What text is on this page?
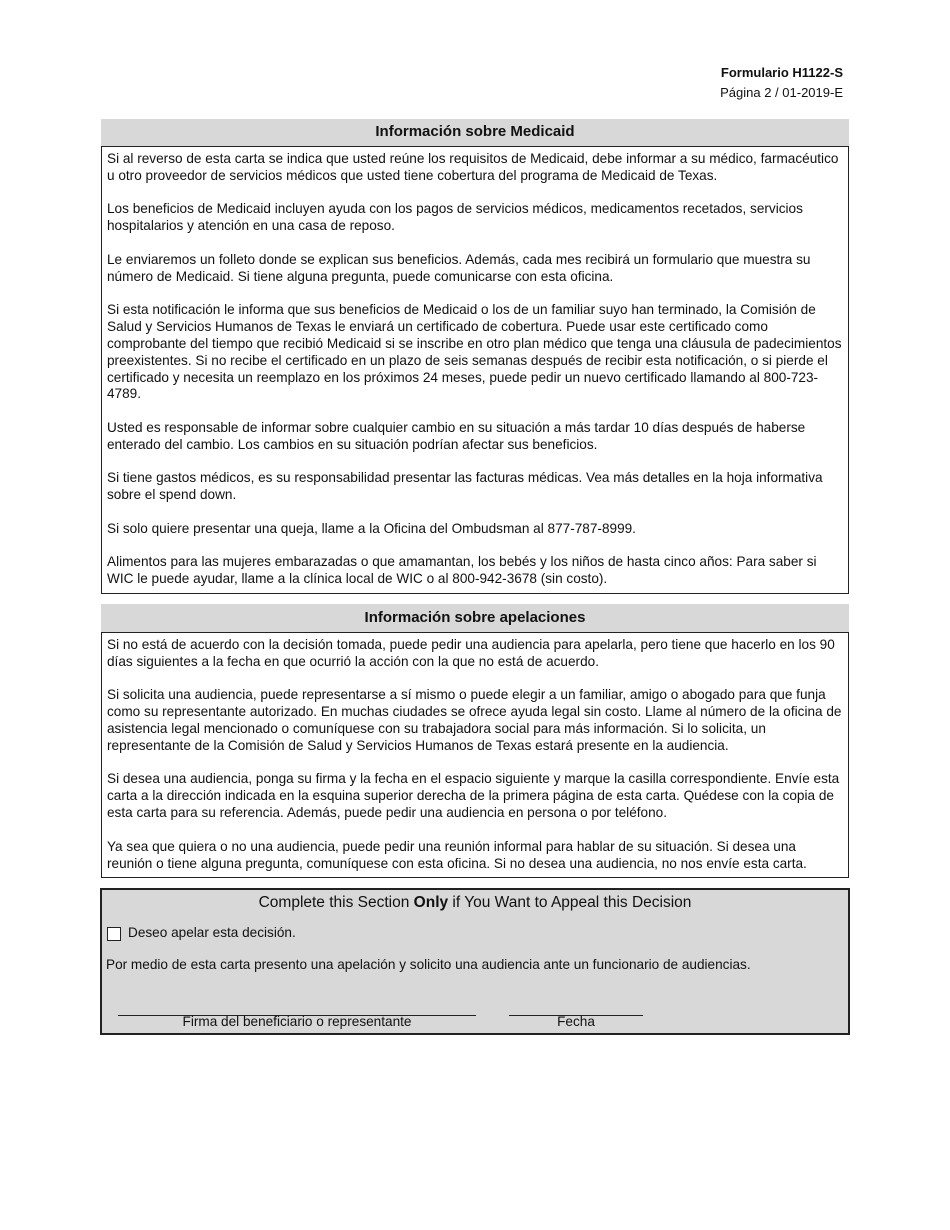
Formulario H1122-S
Página 2 / 01-2019-E
Información sobre Medicaid

Si al reverso de esta carta se indica que usted reúne los requisitos de Medicaid, debe informar a su médico, farmacéutico u otro proveedor de servicios médicos que usted tiene cobertura del programa de Medicaid de Texas.

Los beneficios de Medicaid incluyen ayuda con los pagos de servicios médicos, medicamentos recetados, servicios hospitalarios y atención en una casa de reposo.

Le enviaremos un folleto donde se explican sus beneficios. Además, cada mes recibirá un formulario que muestra su número de Medicaid. Si tiene alguna pregunta, puede comunicarse con esta oficina.

Si esta notificación le informa que sus beneficios de Medicaid o los de un familiar suyo han terminado, la Comisión de Salud y Servicios Humanos de Texas le enviará un certificado de cobertura. Puede usar este certificado como comprobante del tiempo que recibió Medicaid si se inscribe en otro plan médico que tenga una cláusula de padecimientos preexistentes. Si no recibe el certificado en un plazo de seis semanas después de recibir esta notificación, o si pierde el certificado y necesita un reemplazo en los próximos 24 meses, puede pedir un nuevo certificado llamando al 800-723-4789.

Usted es responsable de informar sobre cualquier cambio en su situación a más tardar 10 días después de haberse enterado del cambio. Los cambios en su situación podrían afectar sus beneficios.

Si tiene gastos médicos, es su responsabilidad presentar las facturas médicas. Vea más detalles en la hoja informativa sobre el spend down.

Si solo quiere presentar una queja, llame a la Oficina del Ombudsman al 877-787-8999.

Alimentos para las mujeres embarazadas o que amamantan, los bebés y los niños de hasta cinco años: Para saber si WIC le puede ayudar, llame a la clínica local de WIC o al 800-942-3678 (sin costo).

Información sobre apelaciones

Si no está de acuerdo con la decisión tomada, puede pedir una audiencia para apelarla, pero tiene que hacerlo en los 90 días siguientes a la fecha en que ocurrió la acción con la que no está de acuerdo.

Si solicita una audiencia, puede representarse a sí mismo o puede elegir a un familiar, amigo o abogado para que funja como su representante autorizado. En muchas ciudades se ofrece ayuda legal sin costo. Llame al número de la oficina de asistencia legal mencionado o comuníquese con su trabajadora social para más información. Si lo solicita, un representante de la Comisión de Salud y Servicios Humanos de Texas estará presente en la audiencia.

Si desea una audiencia, ponga su firma y la fecha en el espacio siguiente y marque la casilla correspondiente. Envíe esta carta a la dirección indicada en la esquina superior derecha de la primera página de esta carta. Quédese con la copia de esta carta para su referencia. Además, puede pedir una audiencia en persona o por teléfono.

Ya sea que quiera o no una audiencia, puede pedir una reunión informal para hablar de su situación. Si desea una reunión o tiene alguna pregunta, comuníquese con esta oficina. Si no desea una audiencia, no nos envíe esta carta.

Complete this Section Only if You Want to Appeal this Decision
Deseo apelar esta decisión.
Por medio de esta carta presento una apelación y solicito una audiencia ante un funcionario de audiencias.
Firma del beneficiario o representante	Fecha
